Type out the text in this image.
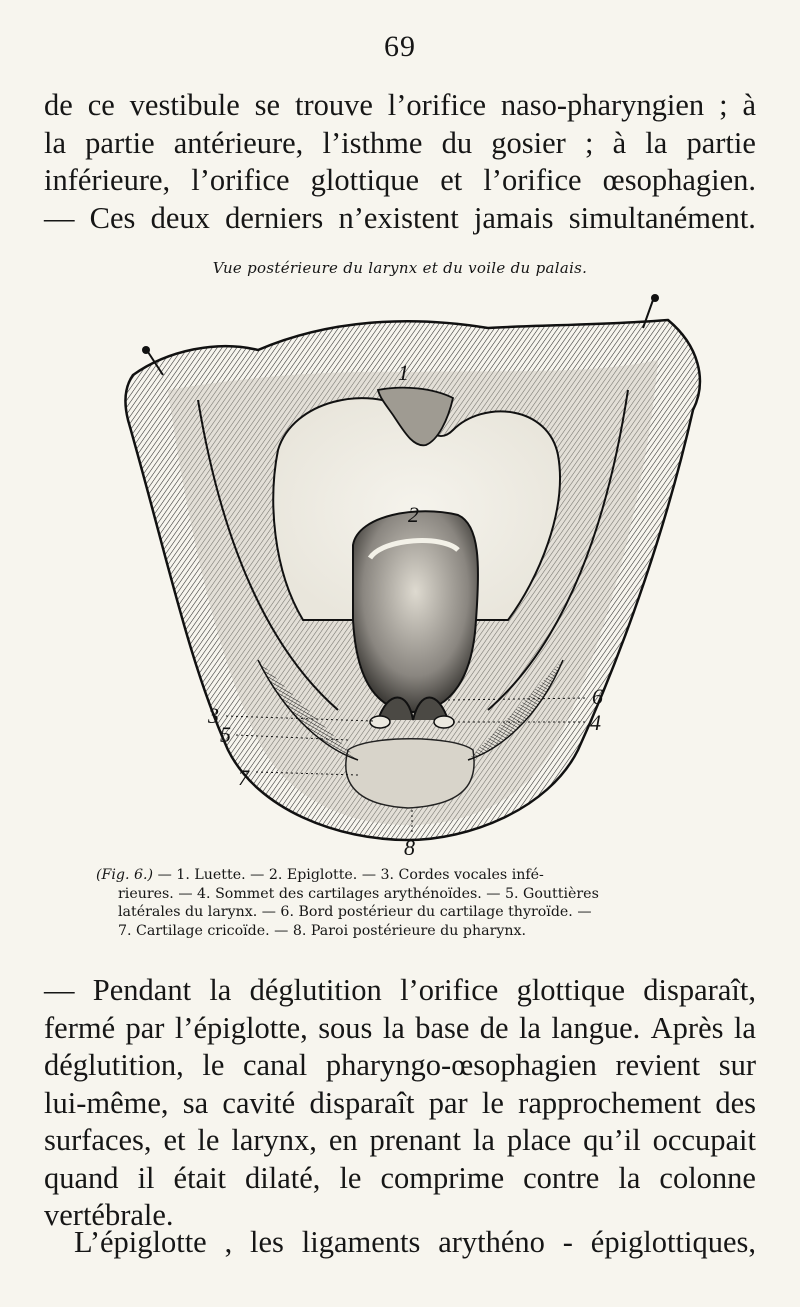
69
de ce vestibule se trouve l’orifice naso-pharyngien ; à
la partie antérieure, l’isthme du gosier ; à la partie
inférieure, l’orifice glottique et l’orifice œsophagien.
— Ces deux derniers n’existent jamais simultanément.
Vue postérieure du larynx et du voile du palais.
1
2
3	4
5
6
7
8
(Fig. 6.) — 1. Luette. — 2. Epiglotte. — 3. Cordes vocales infé-
rieures. — 4. Sommet des cartilages arythénoïdes. — 5. Gouttières
latérales du larynx. — 6. Bord postérieur du cartilage thyroïde. —
7. Cartilage cricoïde. — 8. Paroi postérieure du pharynx.
— Pendant la déglutition l’orifice glottique disparaît,
fermé par l’épiglotte, sous la base de la langue. Après la
déglutition, le canal pharyngo-œsophagien revient sur
lui-même, sa cavité disparaît par le rapprochement des
surfaces, et le larynx, en prenant la place qu’il occupait
quand il était dilaté, le comprime contre la colonne
vertébrale.
L’épiglotte , les ligaments arythéno - épiglottiques,
